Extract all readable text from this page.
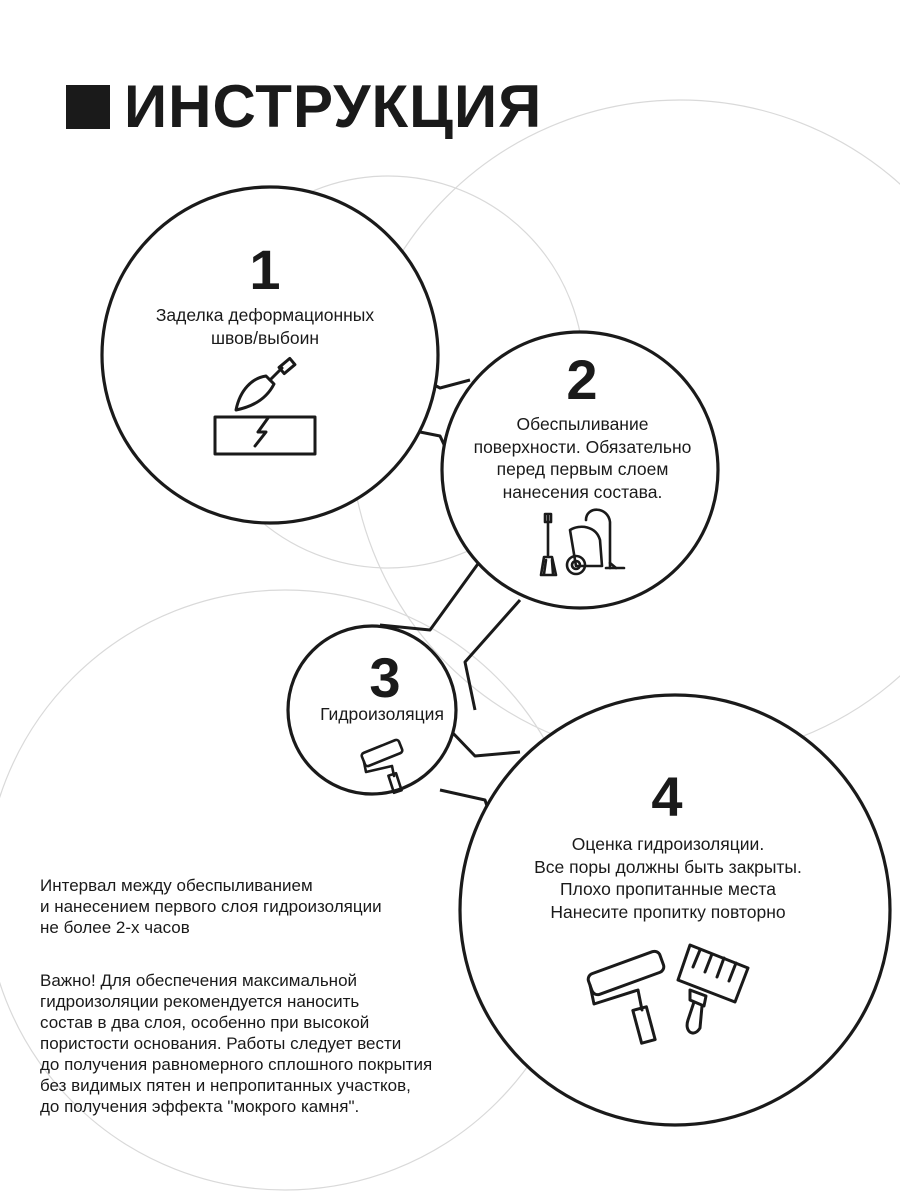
ИНСТРУКЦИЯ
1
Заделка деформационных
швов/выбоин
2
Обеспыливание
поверхности. Обязательно
перед первым слоем
нанесения состава.
3
Гидроизоляция
4
Оценка гидроизоляции.
Все поры должны быть закрыты.
Плохо пропитанные места
Нанесите пропитку повторно
Интервал между обеспыливанием
и нанесением первого слоя гидроизоляции
не более 2-х часов
Важно! Для обеспечения максимальной
гидроизоляции рекомендуется наносить
состав в два слоя, особенно при высокой
пористости основания. Работы следует вести
до получения равномерного сплошного покрытия
без видимых пятен и непропитанных участков,
до получения эффекта "мокрого камня".
